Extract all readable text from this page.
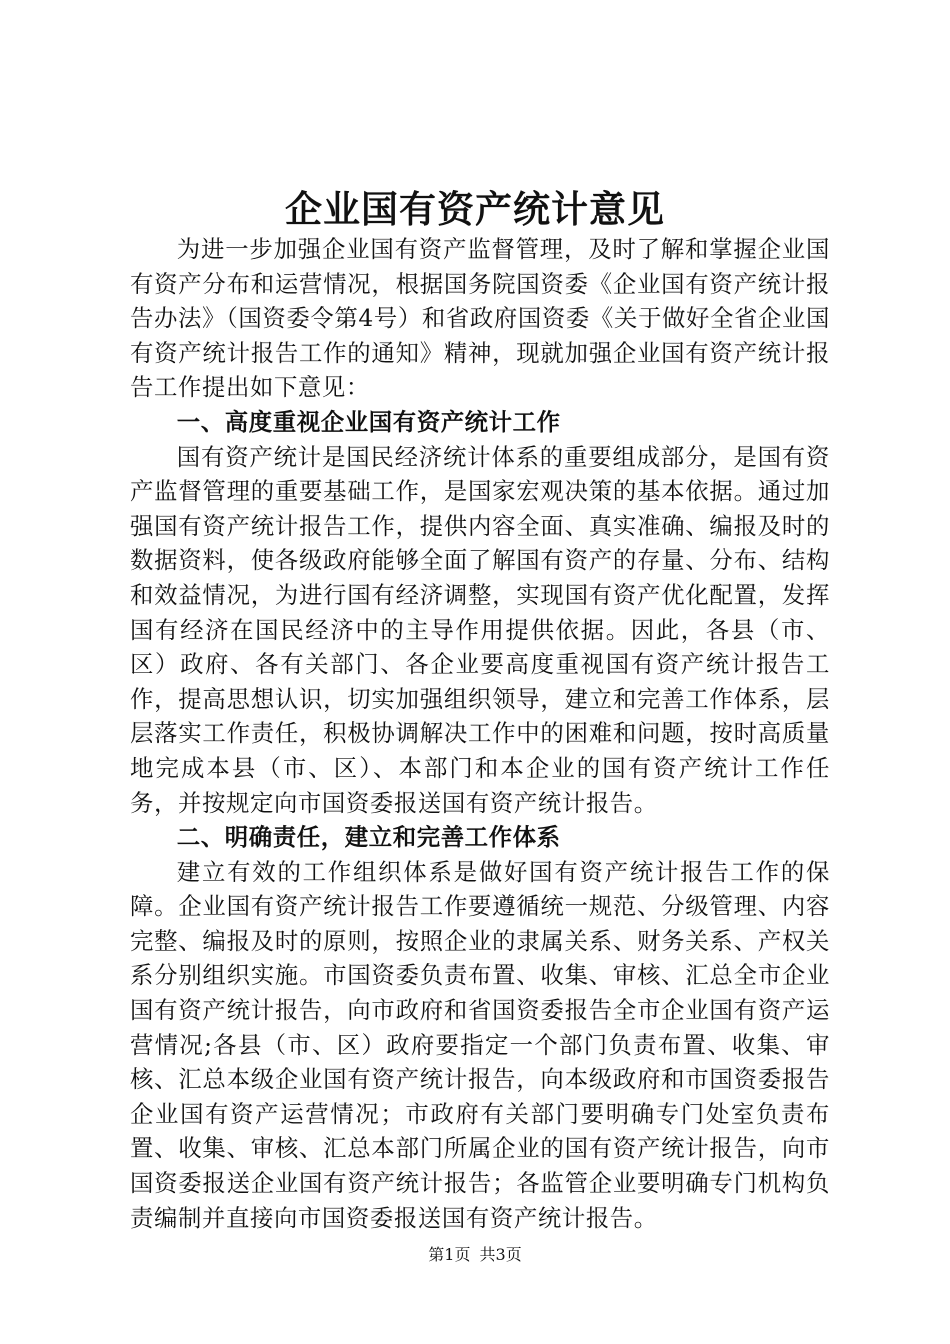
企业国有资产统计意见

为进一步加强企业国有资产监督管理，及时了解和掌握企业国有资产分布和运营情况，根据国务院国资委《企业国有资产统计报告办法》（国资委令第4号）和省政府国资委《关于做好全省企业国有资产统计报告工作的通知》精神，现就加强企业国有资产统计报告工作提出如下意见：

一、高度重视企业国有资产统计工作

国有资产统计是国民经济统计体系的重要组成部分，是国有资产监督管理的重要基础工作，是国家宏观决策的基本依据。通过加强国有资产统计报告工作，提供内容全面、真实准确、编报及时的数据资料，使各级政府能够全面了解国有资产的存量、分布、结构和效益情况，为进行国有经济调整，实现国有资产优化配置，发挥国有经济在国民经济中的主导作用提供依据。因此，各县（市、区）政府、各有关部门、各企业要高度重视国有资产统计报告工作，提高思想认识，切实加强组织领导，建立和完善工作体系，层层落实工作责任，积极协调解决工作中的困难和问题，按时高质量地完成本县（市、区）、本部门和本企业的国有资产统计工作任务，并按规定向市国资委报送国有资产统计报告。

二、明确责任，建立和完善工作体系

建立有效的工作组织体系是做好国有资产统计报告工作的保障。企业国有资产统计报告工作要遵循统一规范、分级管理、内容完整、编报及时的原则，按照企业的隶属关系、财务关系、产权关系分别组织实施。市国资委负责布置、收集、审核、汇总全市企业国有资产统计报告，向市政府和省国资委报告全市企业国有资产运营情况;各县（市、区）政府要指定一个部门负责布置、收集、审核、汇总本级企业国有资产统计报告，向本级政府和市国资委报告企业国有资产运营情况；市政府有关部门要明确专门处室负责布置、收集、审核、汇总本部门所属企业的国有资产统计报告，向市国资委报送企业国有资产统计报告；各监管企业要明确专门机构负责编制并直接向市国资委报送国有资产统计报告。

第1页 共3页
